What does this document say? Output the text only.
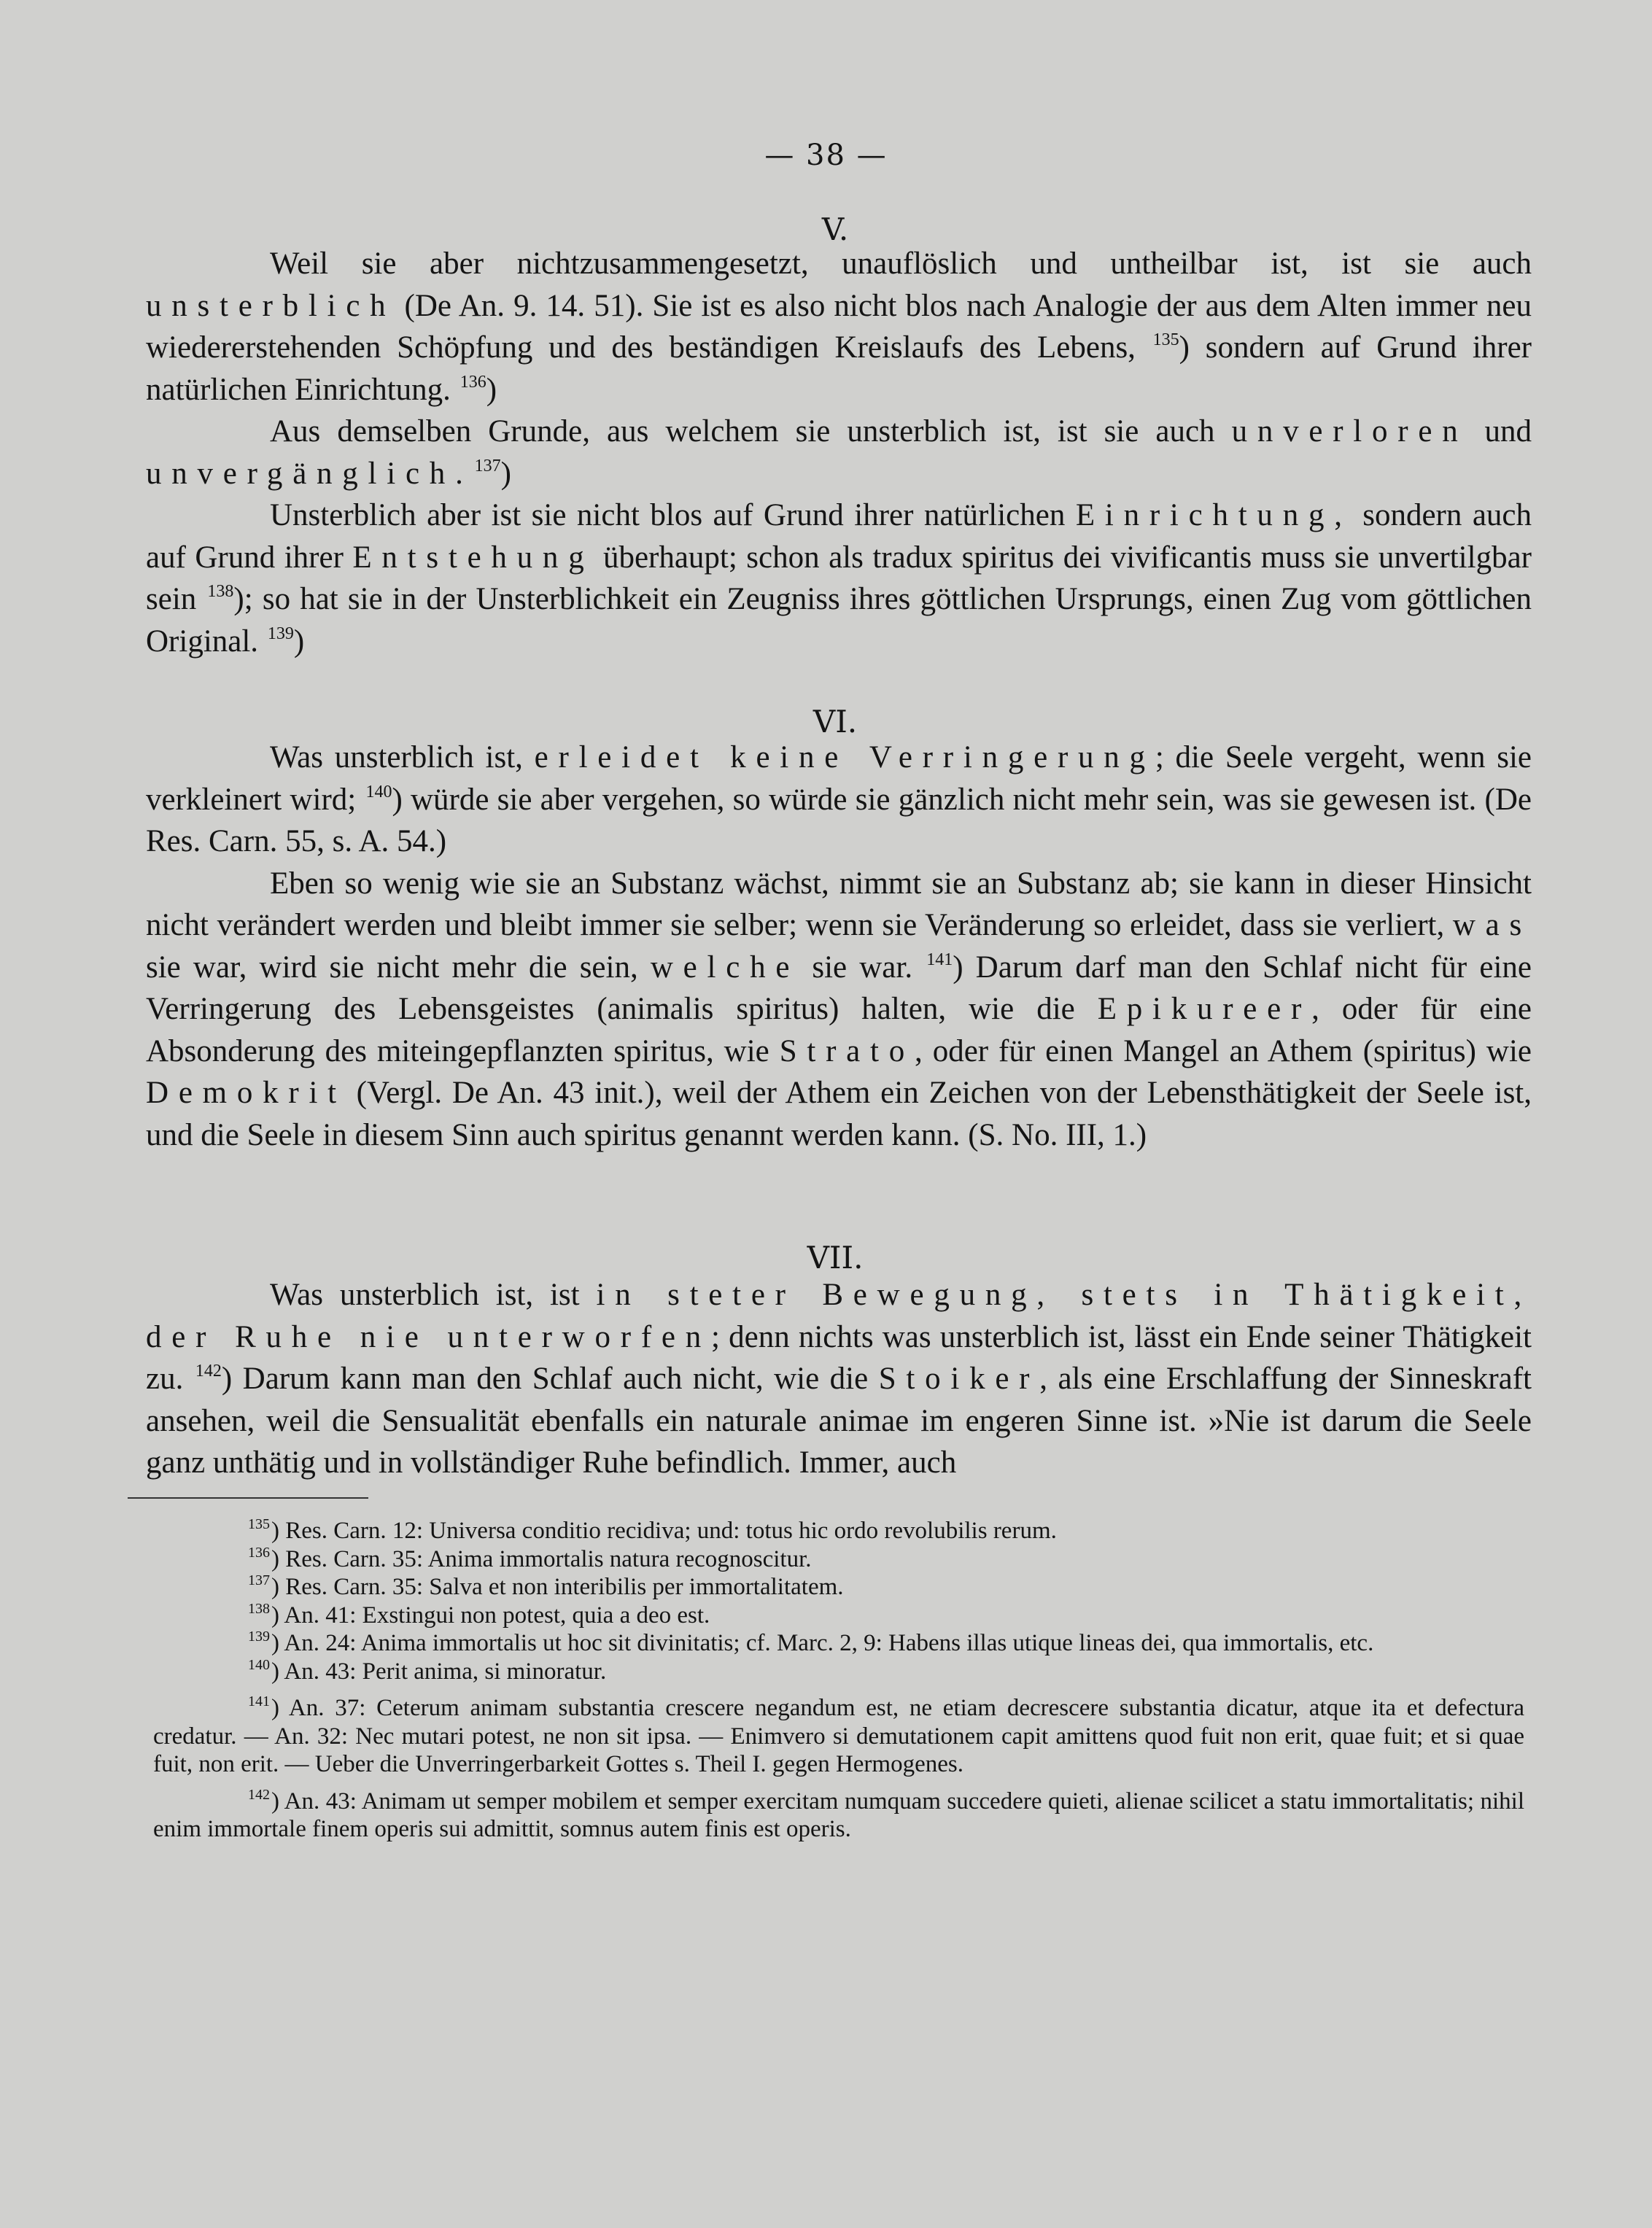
— 38 —
V.

Weil sie aber nichtzusammengesetzt, unauflöslich und untheilbar ist, ist sie auch unsterblich (De An. 9. 14. 51). Sie ist es also nicht blos nach Analogie der aus dem Alten immer neu wiedererstehenden Schöpfung und des beständigen Kreislaufs des Lebens, $^{135}$) sondern auf Grund ihrer natürlichen Einrichtung. $^{136}$)

Aus demselben Grunde, aus welchem sie unsterblich ist, ist sie auch unverloren und unvergänglich.$^{137}$)

Unsterblich aber ist sie nicht blos auf Grund ihrer natürlichen Einrichtung, sondern auch auf Grund ihrer Entstehung überhaupt; schon als tradux spiritus dei vivificantis muss sie unvertilgbar sein $^{138}$); so hat sie in der Unsterblichkeit ein Zeugniss ihres göttlichen Ursprungs, einen Zug vom göttlichen Original. $^{139}$)

VI.

Was unsterblich ist, erleidet keine Verringerung; die Seele vergeht, wenn sie verkleinert wird; $^{140}$) würde sie aber vergehen, so würde sie gänzlich nicht mehr sein, was sie gewesen ist. (De Res. Carn. 55, s. A. 54.)

Eben so wenig wie sie an Substanz wächst, nimmt sie an Substanz ab; sie kann in dieser Hinsicht nicht verändert werden und bleibt immer sie selber; wenn sie Veränderung so erleidet, dass sie verliert, was sie war, wird sie nicht mehr die sein, welche sie war. $^{141}$) Darum darf man den Schlaf nicht für eine Verringerung des Lebensgeistes (animalis spiritus) halten, wie die Epikureer, oder für eine Absonderung des miteingepflanzten spiritus, wie Strato, oder für einen Mangel an Athem (spiritus) wie Demokrit (Vergl. De An. 43 init.), weil der Athem ein Zeichen von der Lebensthätigkeit der Seele ist, und die Seele in diesem Sinn auch spiritus genannt werden kann. (S. No. III, 1.)

VII.

Was unsterblich ist, ist in steter Bewegung, stets in Thätigkeit, der Ruhe nie unterworfen; denn nichts was unsterblich ist, lässt ein Ende seiner Thätigkeit zu. $^{142}$) Darum kann man den Schlaf auch nicht, wie die Stoiker, als eine Erschlaffung der Sinneskraft ansehen, weil die Sensualität ebenfalls ein naturale animae im engeren Sinne ist. »Nie ist darum die Seele ganz unthätig und in vollständiger Ruhe befindlich. Immer, auch

$^{135}$) Res. Carn. 12: Universa conditio recidiva; und: totus hic ordo revolubilis rerum.

$^{136}$) Res. Carn. 35: Anima immortalis natura recognoscitur.

$^{137}$) Res. Carn. 35: Salva et non interibilis per immortalitatem.

$^{138}$) An. 41: Exstingui non potest, quia a deo est.

$^{139}$) An. 24: Anima immortalis ut hoc sit divinitatis; cf. Marc. 2, 9: Habens illas utique lineas dei, qua immortalis, etc.

$^{140}$) An. 43: Perit anima, si minoratur.

$^{141}$) An. 37: Ceterum animam substantia crescere negandum est, ne etiam decrescere substantia dicatur, atque ita et defectura credatur. — An. 32: Nec mutari potest, ne non sit ipsa. — Enimvero si demutationem capit amittens quod fuit non erit, quae fuit; et si quae fuit, non erit. — Ueber die Unverringerbarkeit Gottes s. Theil I. gegen Hermogenes.

$^{142}$) An. 43: Animam ut semper mobilem et semper exercitam numquam succedere quieti, alienae scilicet a statu immortalitatis; nihil enim immortale finem operis sui admittit, somnus autem finis est operis.
